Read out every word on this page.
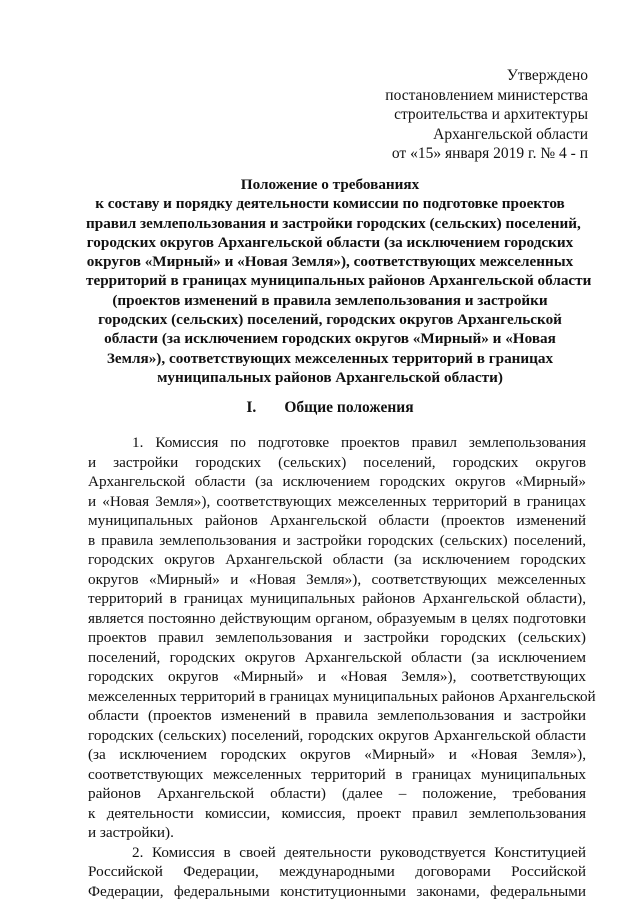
Утверждено
постановлением министерства
строительства и архитектуры
Архангельской области
от «15» января 2019 г. № 4 - п
Положение о требованиях
к составу и порядку деятельности комиссии по подготовке проектов
правил землепользования и застройки городских (сельских) поселений,
городских округов Архангельской области (за исключением городских
округов «Мирный» и «Новая Земля»), соответствующих межселенных
территорий в границах муниципальных районов Архангельской области
(проектов изменений в правила землепользования и застройки
городских (сельских) поселений, городских округов Архангельской
области (за исключением городских округов «Мирный» и «Новая
Земля»), соответствующих межселенных территорий в границах
муниципальных районов Архангельской области)
I. Общие положения
1. Комиссия по подготовке проектов правил землепользования
и застройки городских (сельских) поселений, городских округов
Архангельской области (за исключением городских округов «Мирный»
и «Новая Земля»), соответствующих межселенных территорий в границах
муниципальных районов Архангельской области (проектов изменений
в правила землепользования и застройки городских (сельских) поселений,
городских округов Архангельской области (за исключением городских
округов «Мирный» и «Новая Земля»), соответствующих межселенных
территорий в границах муниципальных районов Архангельской области),
является постоянно действующим органом, образуемым в целях подготовки
проектов правил землепользования и застройки городских (сельских)
поселений, городских округов Архангельской области (за исключением
городских округов «Мирный» и «Новая Земля»), соответствующих
межселенных территорий в границах муниципальных районов Архангельской
области (проектов изменений в правила землепользования и застройки
городских (сельских) поселений, городских округов Архангельской области
(за исключением городских округов «Мирный» и «Новая Земля»),
соответствующих межселенных территорий в границах муниципальных
районов Архангельской области) (далее – положение, требования
к деятельности комиссии, комиссия, проект правил землепользования
и застройки).
2. Комиссия в своей деятельности руководствуется Конституцией
Российской Федерации, международными договорами Российской
Федерации, федеральными конституционными законами, федеральными
